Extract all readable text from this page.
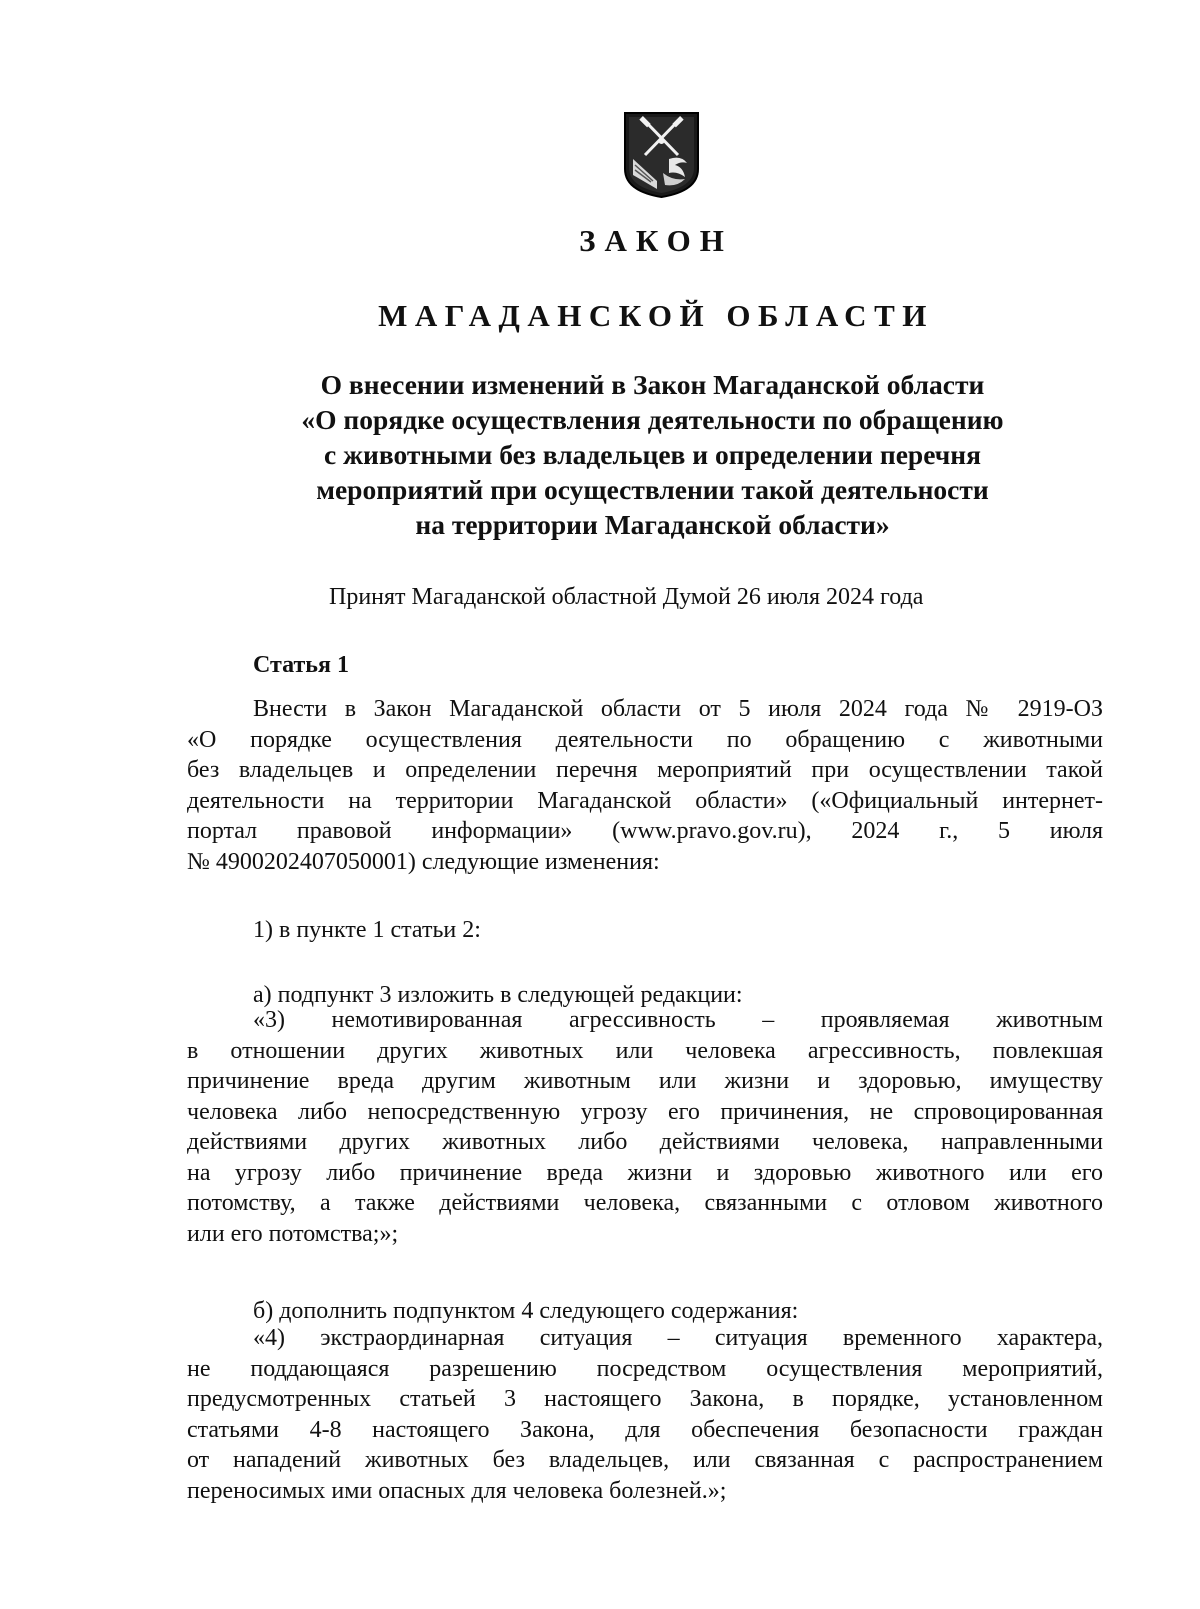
ЗАКОН
МАГАДАНСКОЙ ОБЛАСТИ
О внесении изменений в Закон Магаданской области
«О порядке осуществления деятельности по обращению
с животными без владельцев и определении перечня
мероприятий при осуществлении такой деятельности
на территории Магаданской области»
Принят Магаданской областной Думой 26 июля 2024 года
Статья 1
Внести в Закон Магаданской области от 5 июля 2024 года № 2919-ОЗ
«О порядке осуществления деятельности по обращению с животными
без владельцев и определении перечня мероприятий при осуществлении такой
деятельности на территории Магаданской области» («Официальный интернет-
портал правовой информации» (www.pravo.gov.ru), 2024 г., 5 июля
№ 4900202407050001) следующие изменения:
1) в пункте 1 статьи 2:
а) подпункт 3 изложить в следующей редакции:
«3) немотивированная агрессивность – проявляемая животным
в отношении других животных или человека агрессивность, повлекшая
причинение вреда другим животным или жизни и здоровью, имуществу
человека либо непосредственную угрозу его причинения, не спровоцированная
действиями других животных либо действиями человека, направленными
на угрозу либо причинение вреда жизни и здоровью животного или его
потомству, а также действиями человека, связанными с отловом животного
или его потомства;»;
б) дополнить подпунктом 4 следующего содержания:
«4) экстраординарная ситуация – ситуация временного характера,
не поддающаяся разрешению посредством осуществления мероприятий,
предусмотренных статьей 3 настоящего Закона, в порядке, установленном
статьями 4-8 настоящего Закона, для обеспечения безопасности граждан
от нападений животных без владельцев, или связанная с распространением
переносимых ими опасных для человека болезней.»;
